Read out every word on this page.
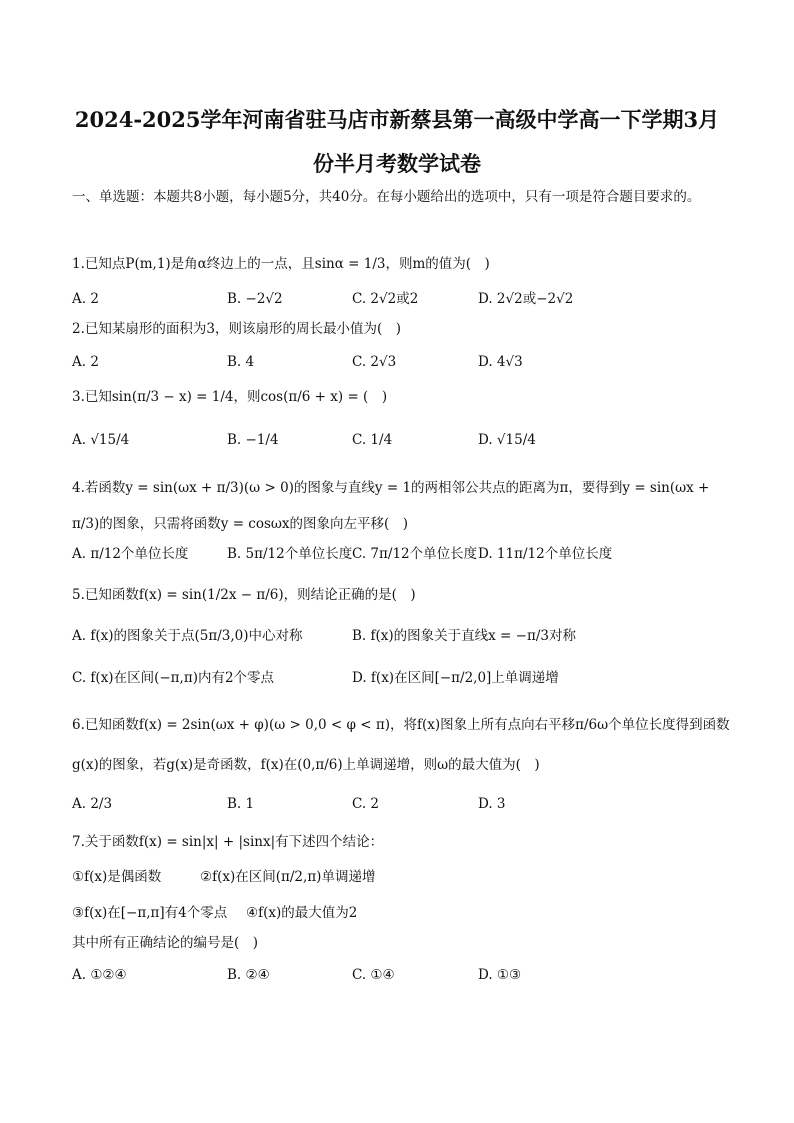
2024-2025学年河南省驻马店市新蔡县第一高级中学高一下学期3月
份半月考数学试卷
一、单选题：本题共8小题，每小题5分，共40分。在每小题给出的选项中，只有一项是符合题目要求的。
1.已知点P(m,1)是角α终边上的一点，且sinα = 1/3，则m的值为(　)
A. 2	B. −2√2	C. 2√2或2	D. 2√2或−2√2
2.已知某扇形的面积为3，则该扇形的周长最小值为(　)
A. 2	B. 4	C. 2√3	D. 4√3
3.已知sin(π/3 − x) = 1/4，则cos(π/6 + x) = (　)
A. √15/4	B. −1/4	C. 1/4	D. √15/4
4.若函数y = sin(ωx + π/3)(ω > 0)的图象与直线y = 1的两相邻公共点的距离为π，要得到y = sin(ωx + π/3)的图象，只需将函数y = cosωx的图象向左平移(　)
A. π/12个单位长度	B. 5π/12个单位长度 C. 7π/12个单位长度 D. 11π/12个单位长度
5.已知函数f(x) = sin(1/2x − π/6)，则结论正确的是(　)
A. f(x)的图象关于点(5π/3,0)中心对称	B. f(x)的图象关于直线x = −π/3对称
C. f(x)在区间(−π,π)内有2个零点	D. f(x)在区间[−π/2,0]上单调递增
6.已知函数f(x) = 2sin(ωx + φ)(ω > 0,0 < φ < π)，将f(x)图象上所有点向右平移π/6ω个单位长度得到函数g(x)的图象，若g(x)是奇函数，f(x)在(0,π/6)上单调递增，则ω的最大值为(　)
A. 2/3	B. 1	C. 2	D. 3
7.关于函数f(x) = sin|x| + |sinx|有下述四个结论：
①f(x)是偶函数	②f(x)在区间(π/2,π)单调递增
③f(x)在[−π,π]有4个零点 ④f(x)的最大值为2
其中所有正确结论的编号是(　)
A. ①②④	B. ②④	C. ①④	D. ①③
